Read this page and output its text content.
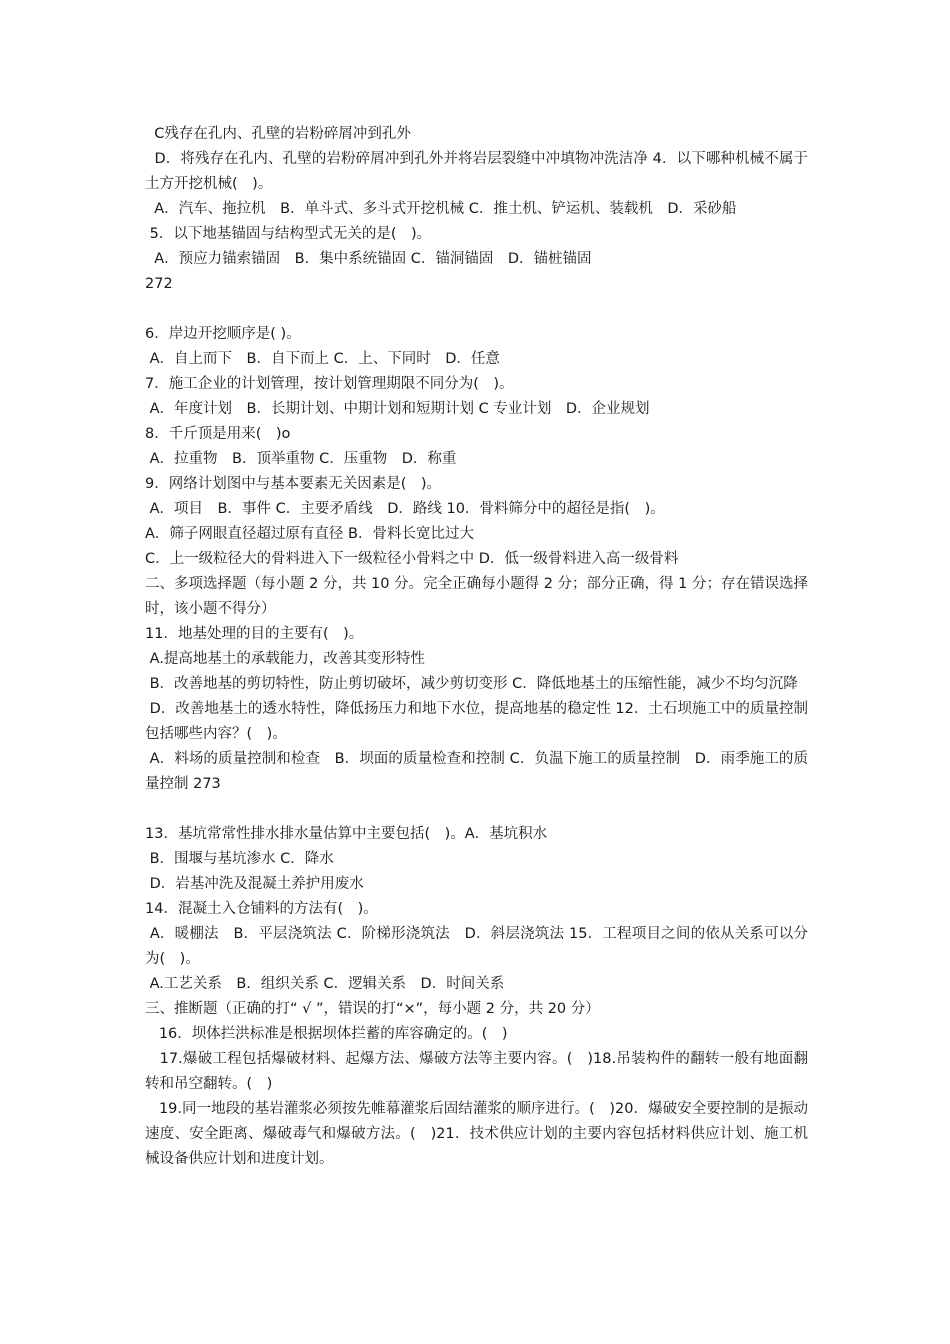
C残存在孔内、孔壁的岩粉碎屑冲到孔外
D．将残存在孔内、孔壁的岩粉碎屑冲到孔外并将岩层裂缝中冲填物冲洗洁净 4．以下哪种机械不属于土方开挖机械(　)。
A．汽车、拖拉机　B．单斗式、多斗式开挖机械 C．推土机、铲运机、装载机　D．采砂船
5．以下地基锚固与结构型式无关的是(　)。
A．预应力锚索锚固　B．集中系统锚固 C．锚洞锚固　D．锚桩锚固
272
6．岸边开挖顺序是( )。
A．自上而下　B．自下而上 C．上、下同时　D．任意
7．施工企业的计划管理，按计划管理期限不同分为(　)。
A．年度计划　B．长期计划、中期计划和短期计划 C 专业计划　D．企业规划
8．千斤顶是用来(　)o
A．拉重物　B．顶举重物 C．压重物　D．称重
9．网络计划图中与基本要素无关因素是(　)。
A．项目　B．事件 C．主要矛盾线　D．路线 10．骨料筛分中的超径是指(　)。
A．筛子网眼直径超过原有直径 B．骨料长宽比过大
C．上一级粒径大的骨料进入下一级粒径小骨料之中 D．低一级骨料进入高一级骨料
二、多项选择题（每小题 2 分，共 10 分。完全正确每小题得 2 分；部分正确，得 1 分；存在错误选择时，该小题不得分）
11．地基处理的目的主要有(　)。
A.提高地基土的承载能力，改善其变形特性
B．改善地基的剪切特性，防止剪切破坏，减少剪切变形 C．降低地基土的压缩性能，减少不均匀沉降
D．改善地基土的透水特性，降低扬压力和地下水位，提高地基的稳定性 12．土石坝施工中的质量控制包括哪些内容？(　)。
A．料场的质量控制和检查　B．坝面的质量检查和控制 C．负温下施工的质量控制　D．雨季施工的质量控制 273
13．基坑常常性排水排水量估算中主要包括(　)。A．基坑积水
B．围堰与基坑渗水 C．降水
D．岩基冲洗及混凝土养护用废水
14．混凝土入仓铺料的方法有(　)。
A．暖棚法　B．平层浇筑法 C．阶梯形浇筑法　D．斜层浇筑法 15．工程项目之间的依从关系可以分为(　)。
A.工艺关系　B．组织关系 C．逻辑关系　D．时间关系
三、推断题（正确的打“ √ ”，错误的打“×”，每小题 2 分，共 20 分）
16．坝体拦洪标准是根据坝体拦蓄的库容确定的。(　)
17.爆破工程包括爆破材料、起爆方法、爆破方法等主要内容。(　)18.吊装构件的翻转一般有地面翻转和吊空翻转。(　)
19.同一地段的基岩灌浆必须按先帷幕灌浆后固结灌浆的顺序进行。(　)20．爆破安全要控制的是振动速度、安全距离、爆破毒气和爆破方法。(　)21．技术供应计划的主要内容包括材料供应计划、施工机械设备供应计划和进度计划。
